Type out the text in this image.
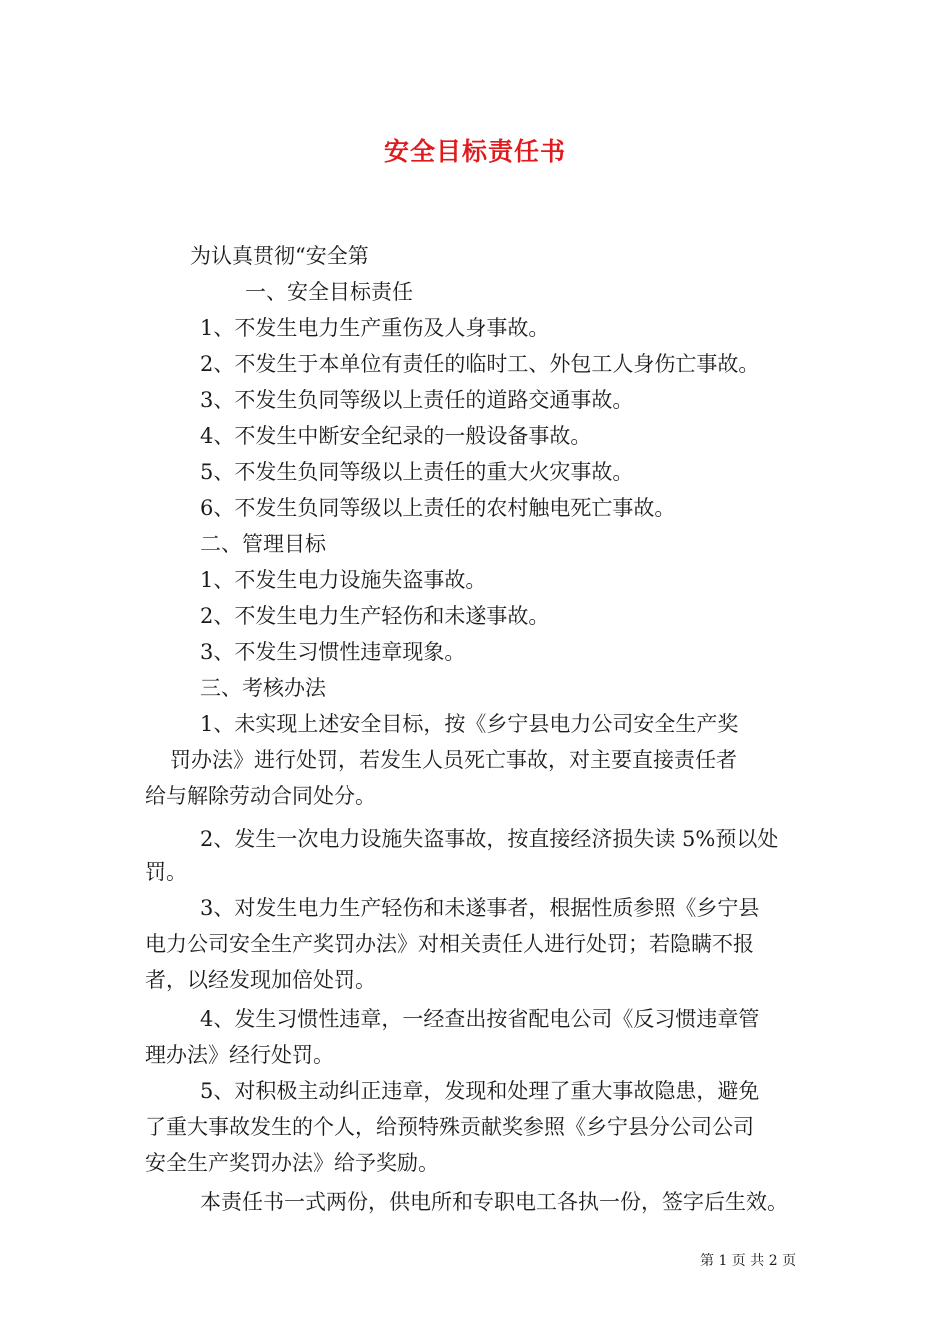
安全目标责任书
为认真贯彻“安全第
一、安全目标责任
1、不发生电力生产重伤及人身事故。
2、不发生于本单位有责任的临时工、外包工人身伤亡事故。
3、不发生负同等级以上责任的道路交通事故。
4、不发生中断安全纪录的一般设备事故。
5、不发生负同等级以上责任的重大火灾事故。
6、不发生负同等级以上责任的农村触电死亡事故。
二、管理目标
1、不发生电力设施失盗事故。
2、不发生电力生产轻伤和未遂事故。
3、不发生习惯性违章现象。
三、考核办法
1、未实现上述安全目标，按《乡宁县电力公司安全生产奖
罚办法》进行处罚，若发生人员死亡事故，对主要直接责任者
给与解除劳动合同处分。
2、发生一次电力设施失盗事故，按直接经济损失读 5%预以处
罚。
3、对发生电力生产轻伤和未遂事者，根据性质参照《乡宁县
电力公司安全生产奖罚办法》对相关责任人进行处罚；若隐瞒不报
者，以经发现加倍处罚。
4、发生习惯性违章，一经查出按省配电公司《反习惯违章管
理办法》经行处罚。
5、对积极主动纠正违章，发现和处理了重大事故隐患，避免
了重大事故发生的个人，给预特殊贡献奖参照《乡宁县分公司公司
安全生产奖罚办法》给予奖励。
本责任书一式两份，供电所和专职电工各执一份，签字后生效。
第 1 页 共 2 页
